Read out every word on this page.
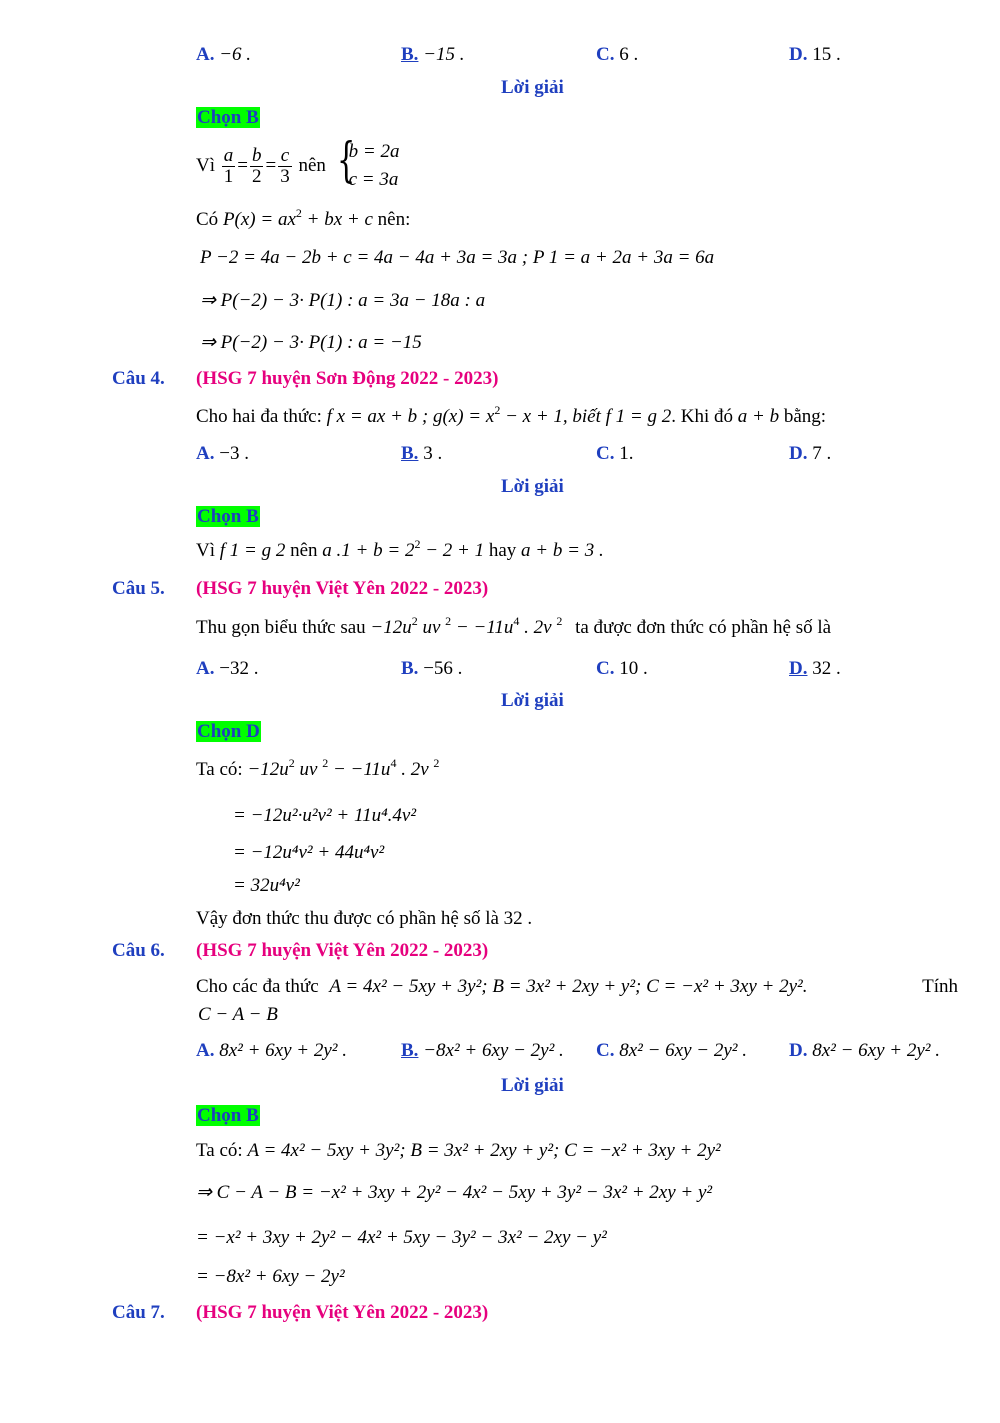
A. −6 .	B. −15 .	C. 6 .	D. 15 .
Lời giải
Chọn B
Vì $\frac{a}{1} = \frac{b}{2} = \frac{c}{3}$ nên {
b = 2a
c = 3a
Có $P(x) = ax^2$ + bx + c nên:
P −2 = 4a − 2b + c = 4a − 4a + 3a = 3a ; P 1 = a + 2a + 3a = 6a
⇒ P(−2) − 3· P(1) : a = 3a − 18a : a
⇒ P(−2) − 3· P(1) : a = −15
Câu 4. (HSG 7 huyện Sơn Động 2022 - 2023)
Cho hai đa thức: f x = ax + b ; $g(x) = x^2 - x + 1$, biết f 1 = g 2. Khi đó a + b bằng:
A. −3 .	B. 3 .	C. 1.	D. 7 .
Lời giải
Chọn B
Vì f 1 = g 2 nên a $.1 + b = 2^2 - 2 + 1$ hay a + b = 3 .
Câu 5. (HSG 7 huyện Việt Yên 2022 - 2023)
Thu gọn biểu thức sau $-12u^2$ uv $^2 - -11u^4$ . 2v $^2$ ta được đơn thức có phần hệ số là
A. −32 .	B. −56 .	C. 10 .	D. 32 .
Lời giải
Chọn D
Ta có: $-12u^2$ uv $^2 - -11u^4$ . 2v $^2$
= −12u²·u²v² + 11u⁴.4v²
= −12u⁴v² + 44u⁴v²
= 32u⁴v²
Vậy đơn thức thu được có phần hệ số là 32 .
Câu 6. (HSG 7 huyện Việt Yên 2022 - 2023)
Cho các đa thức A = 4x² − 5xy + 3y²; B = 3x² + 2xy + y²; C = −x² + 3xy + 2y².	Tính
C − A − B
A. 8x² + 6xy + 2y² .	B. −8x² + 6xy − 2y² . C. 8x² − 6xy − 2y² . D. 8x² − 6xy + 2y² .
Lời giải
Chọn B
Ta có: A = 4x² − 5xy + 3y²; B = 3x² + 2xy + y²; C = −x² + 3xy + 2y²
⇒ C − A − B = −x² + 3xy + 2y² − 4x² − 5xy + 3y² − 3x² + 2xy + y²
= −x² + 3xy + 2y² − 4x² + 5xy − 3y² − 3x² − 2xy − y²
= −8x² + 6xy − 2y²
Câu 7. (HSG 7 huyện Việt Yên 2022 - 2023)
